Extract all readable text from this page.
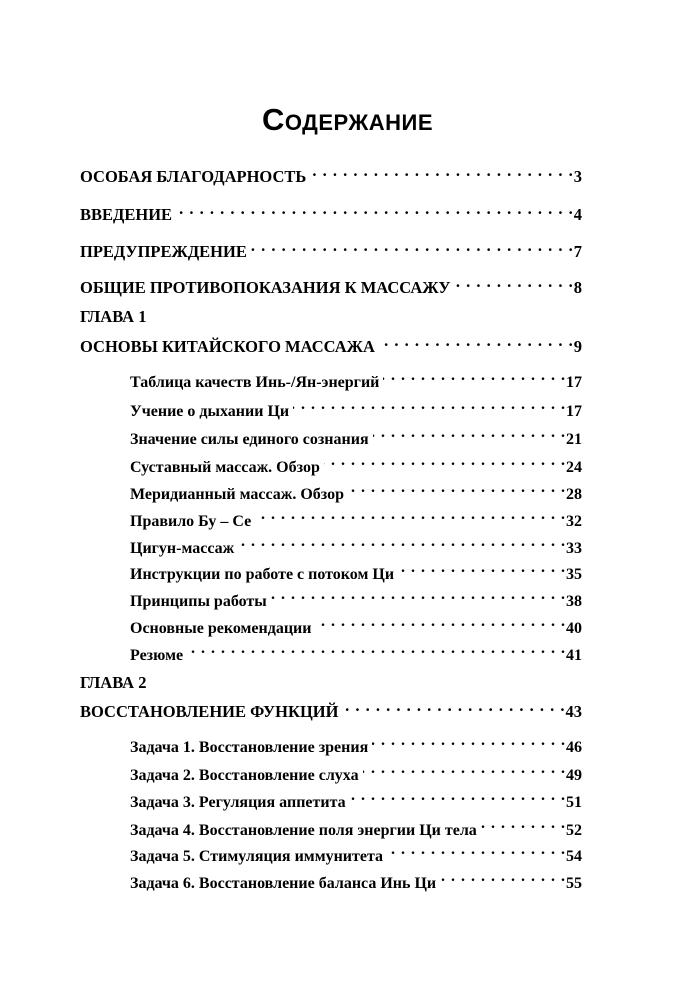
Содержание
ОСОБАЯ БЛАГОДАРНОСТЬ . . .	3
ВВЕДЕНИЕ . . .	4
ПРЕДУПРЕЖДЕНИЕ . . .	7
ОБЩИЕ ПРОТИВОПОКАЗАНИЯ К МАССАЖУ . . .	8
ГЛАВА 1
ОСНОВЫ КИТАЙСКОГО МАССАЖА . . .	9
Таблица качеств Инь-/Ян-энергий . . .	17
Учение о дыхании Ци . . .	17
Значение силы единого сознания . . .	21
Суставный массаж. Обзор . . .	24
Меридианный массаж. Обзор . . .	28
Правило Бу – Се . . .	32
Цигун-массаж . . .	33
Инструкции по работе с потоком Ци . . .	35
Принципы работы . . .	38
Основные рекомендации . . .	40
Резюме . . .	41
ГЛАВА 2
ВОССТАНОВЛЕНИЕ ФУНКЦИЙ . . .	43
Задача 1. Восстановление зрения . . .	46
Задача 2. Восстановление слуха . . .	49
Задача 3. Регуляция аппетита . . .	51
Задача 4. Восстановление поля энергии Ци тела . . .	52
Задача 5. Стимуляция иммунитета . . .	54
Задача 6. Восстановление баланса Инь Ци . . .	55
